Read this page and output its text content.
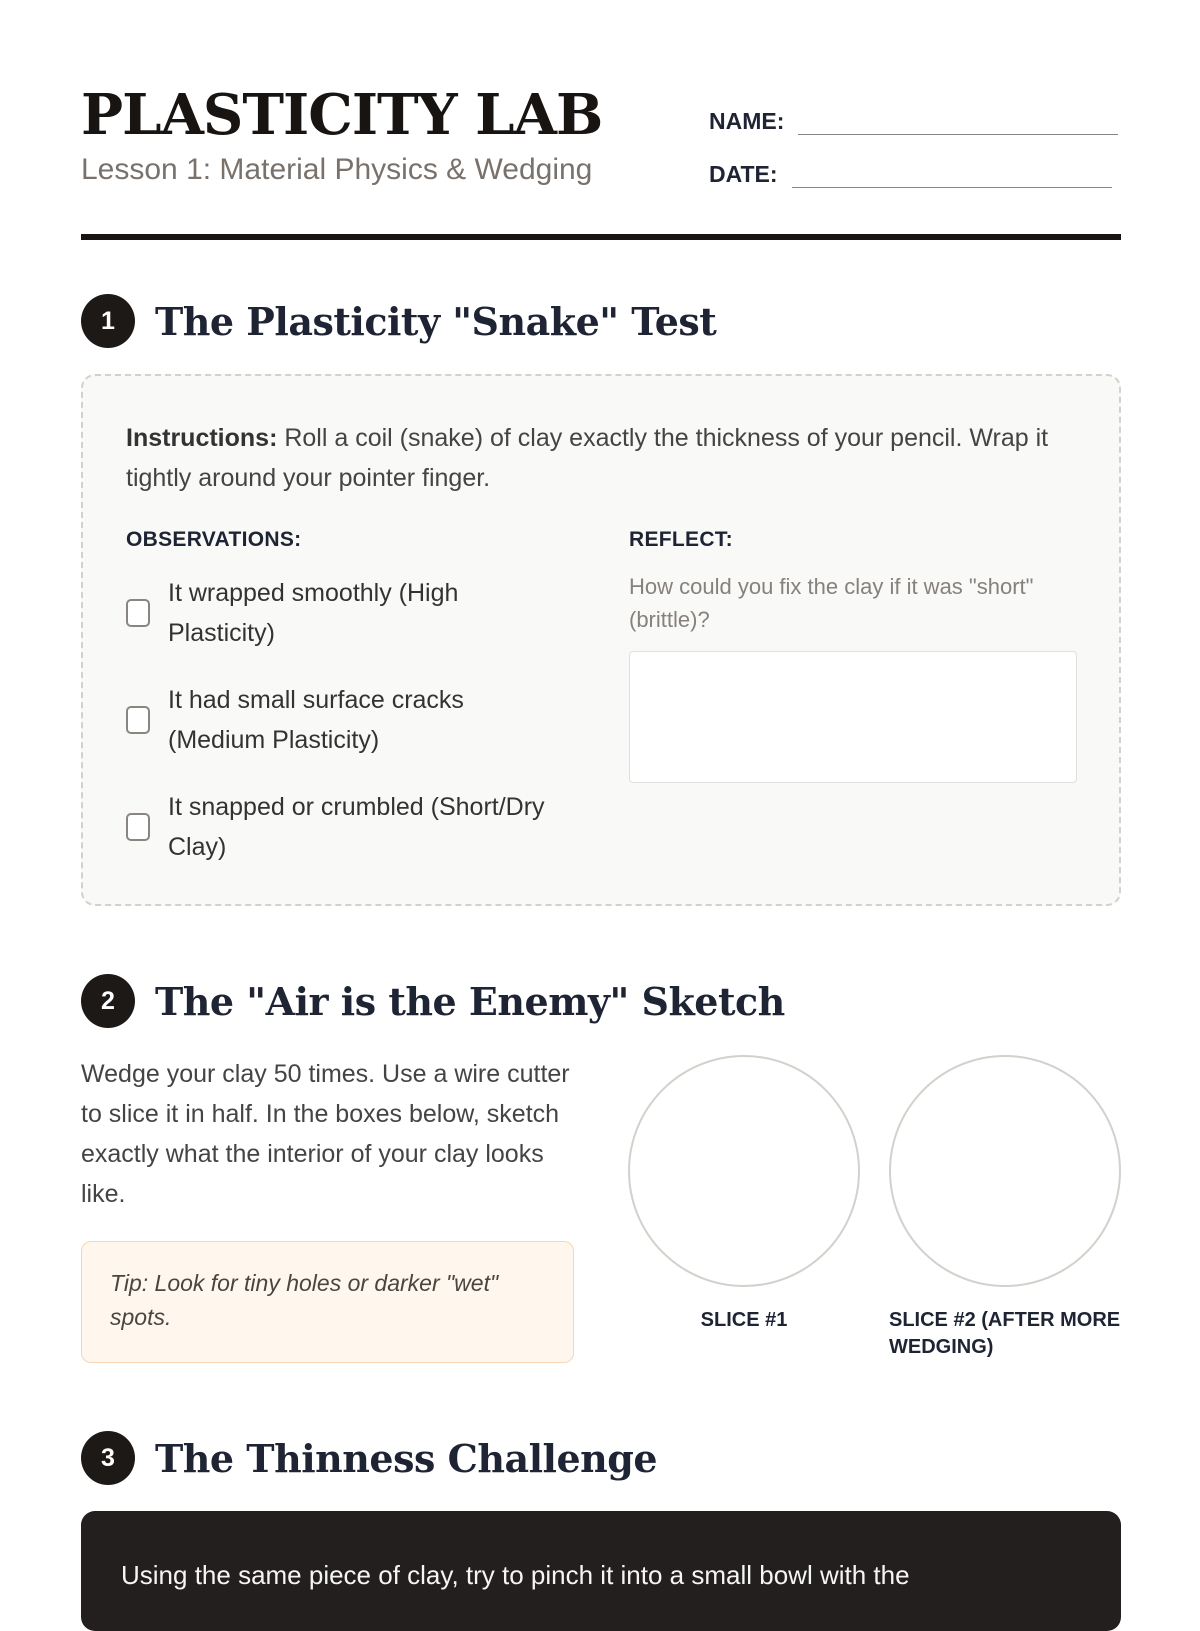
PLASTICITY LAB
Lesson 1: Material Physics & Wedging
NAME:
DATE:
1	The Plasticity "Snake" Test
Instructions: Roll a coil (snake) of clay exactly the thickness of your pencil. Wrap it tightly around your pointer finger.
OBSERVATIONS:
It wrapped smoothly (High Plasticity)
It had small surface cracks (Medium Plasticity)
It snapped or crumbled (Short/Dry Clay)
REFLECT:
How could you fix the clay if it was "short" (brittle)?
2	The "Air is the Enemy" Sketch
Wedge your clay 50 times. Use a wire cutter to slice it in half. In the boxes below, sketch exactly what the interior of your clay looks like.
Tip: Look for tiny holes or darker "wet" spots.	SLICE #1	SLICE #2 (AFTER MORE WEDGING)
3	The Thinness Challenge
Using the same piece of clay, try to pinch it into a small bowl with the
